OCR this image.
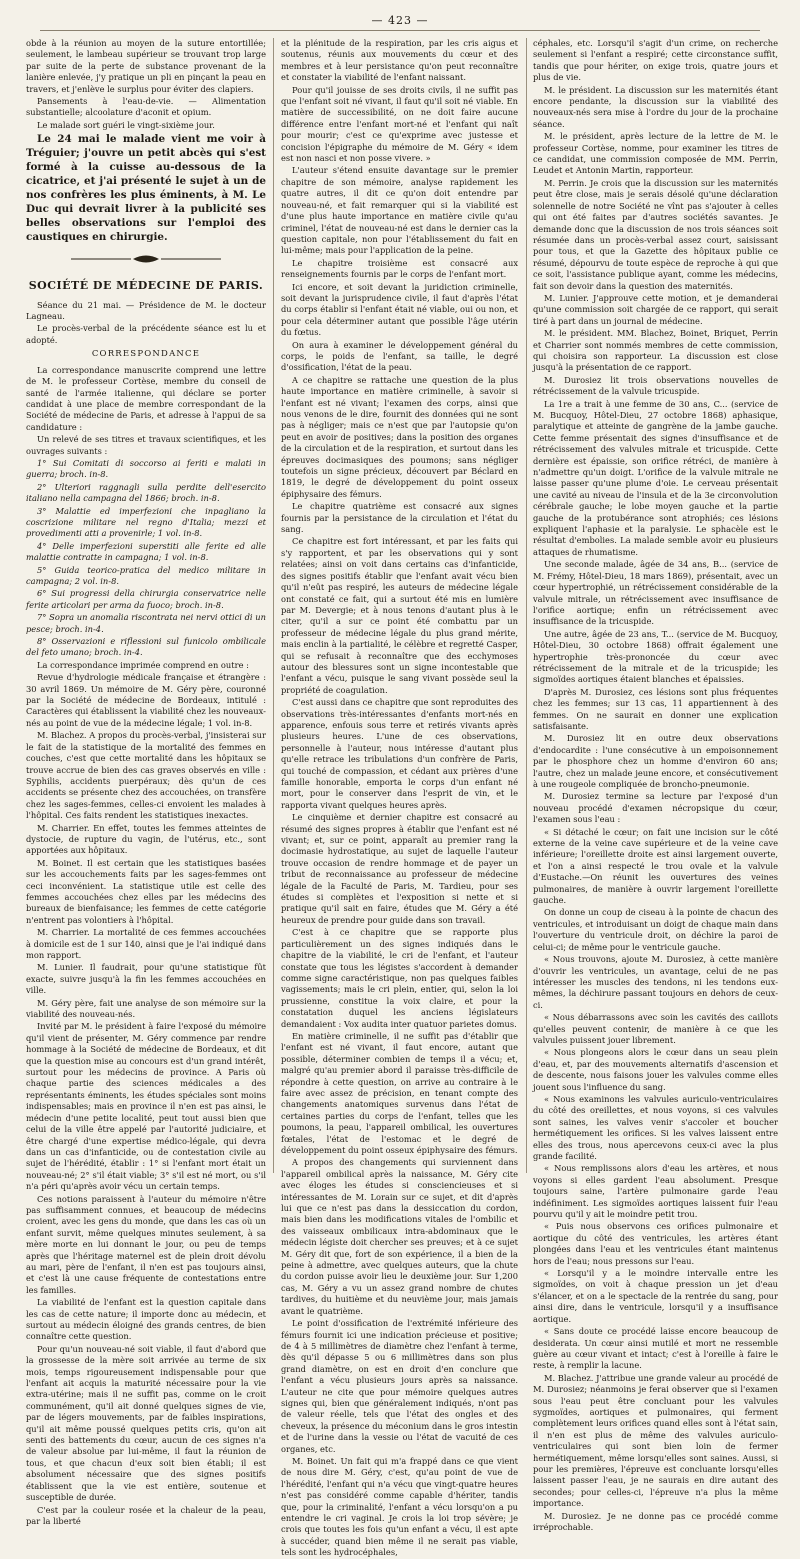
— 423 —

obde à la réunion au moyen de la suture entortillée; seulement, le lambeau supérieur se trouvant trop large par suite de la perte de substance provenant de la lanière enlevée, j'y pratique un pli en pinçant la peau en travers, et j'enlève le surplus pour éviter des clapiers.

Pansements à l'eau-de-vie. — Alimentation substantielle; alcoolature d'aconit et opium.

Le malade sort guéri le vingt-sixième jour.

Le 24 mai le malade vient me voir à Tréguier; j'ouvre un petit abcès qui s'est formé à la cuisse au-dessous de la cicatrice, et j'ai présenté le sujet à un de nos confrères les plus éminents, à M. Le Duc qui devrait livrer à la publicité ses belles observations sur l'emploi des caustiques en chirurgie.

SOCIÉTÉ DE MÉDECINE DE PARIS.

Séance du 21 mai. — Présidence de M. le docteur Lagneau.

Le procès-verbal de la précédente séance est lu et adopté.

CORRESPONDANCE

La correspondance manuscrite comprend une lettre de M. le professeur Cortèse, membre du conseil de santé de l'armée italienne, qui déclare se porter candidat à une place de membre correspondant de la Société de médecine de Paris, et adresse à l'appui de sa candidature :

Un relevé de ses titres et travaux scientifiques, et les ouvrages suivants :

1° Sui Comitati di soccorso ai feriti e malati in guerra; broch. in-8.

2° Ulteriori raggnagli sulla perdite dell'esercito italiano nella campagna del 1866; broch. in-8.

3° Malattie ed imperfezioni che inpagliano la coscrizione militare nel regno d'Italia; mezzi et provedimenti atti a provenirle; 1 vol. in-8.

4° Delle imperfezioni superstiti alle ferite ed alle malattie contratte in campagna; 1 vol. in-8.

5° Guida teorico-pratica del medico militare in campagna; 2 vol. in-8.

6° Sui progressi della chirurgia conservatrice nelle ferite articolari per arma da fuoco; broch. in-8.

7° Sopra un anomalia riscontrata nei nervi ottici di un pesce; broch. in-4.

8° Osservazioni e riflessioni sul funicolo ombilicale del feto umano; broch. in-4.

La correspondance imprimée comprend en outre :

Revue d'hydrologie médicale française et étrangère : 30 avril 1869. Un mémoire de M. Géry père, couronné par la Société de médecine de Bordeaux, intitulé : Caractères qui établissent la viabilité chez les nouveaux-nés au point de vue de la médecine légale; 1 vol. in-8.

M. Blachez. A propos du procès-verbal, j'insisterai sur le fait de la statistique de la mortalité des femmes en couches, c'est que cette mortalité dans les hôpitaux se trouve accrue de bien des cas graves observés en ville : Syphilis, accidents puerpéraux; dès qu'un de ces accidents se présente chez des accouchées, on transfère chez les sages-femmes, celles-ci envoient les malades à l'hôpital. Ces faits rendent les statistiques inexactes.

M. Charrier. En effet, toutes les femmes atteintes de dystocie, de rupture du vagin, de l'utérus, etc., sont apportées aux hôpitaux.

M. Boinet. Il est certain que les statistiques basées sur les accouchements faits par les sages-femmes ont ceci inconvénient. La statistique utile est celle des femmes accouchées chez elles par les médecins des bureaux de bienfaisance; les femmes de cette catégorie n'entrent pas volontiers à l'hôpital.

M. Charrier. La mortalité de ces femmes accouchées à domicile est de 1 sur 140, ainsi que je l'ai indiqué dans mon rapport.

M. Lunier. Il faudrait, pour qu'une statistique fût exacte, suivre jusqu'à la fin les femmes accouchées en ville.

M. Géry père, fait une analyse de son mémoire sur la viabilité des nouveau-nés.

Invité par M. le président à faire l'exposé du mémoire qu'il vient de présenter, M. Géry commence par rendre hommage à la Société de médecine de Bordeaux, et dit que la question mise au concours est d'un grand intérêt, surtout pour les médecins de province. A Paris où chaque partie des sciences médicales a des représentants éminents, les études spéciales sont moins indispensables; mais en province il n'en est pas ainsi, le médecin d'une petite localité, peut tout aussi bien que celui de la ville être appelé par l'autorité judiciaire, et être chargé d'une expertise médico-légale, qui devra dans un cas d'infanticide, ou de contestation civile au sujet de l'hérédité, établir : 1° si l'enfant mort était un nouveau-né; 2° s'il était viable; 3° s'il est né mort, ou s'il n'a péri qu'après avoir vécu un certain temps.

Ces notions paraissent à l'auteur du mémoire n'être pas suffisamment connues, et beaucoup de médecins croient, avec les gens du monde, que dans les cas où un enfant survit, même quelques minutes seulement, à sa mère morte en lui donnant le jour, ou peu de temps après que l'héritage maternel est de plein droit dévolu au mari, père de l'enfant, il n'en est pas toujours ainsi, et c'est là une cause fréquente de contestations entre les familles.

La viabilité de l'enfant est la question capitale dans les cas de cette nature; il importe donc au médecin, et surtout au médecin éloigné des grands centres, de bien connaître cette question.

Pour qu'un nouveau-né soit viable, il faut d'abord que la grossesse de la mère soit arrivée au terme de six mois, temps rigoureusement indispensable pour que l'enfant ait acquis la maturité nécessaire pour la vie extra-utérine; mais il ne suffit pas, comme on le croit communément, qu'il ait donné quelques signes de vie, par de légers mouvements, par de faibles inspirations, qu'il ait même poussé quelques petits cris, qu'on ait senti des battements du cœur, aucun de ces signes n'a de valeur absolue par lui-même, il faut la réunion de tous, et que chacun d'eux soit bien établi; il est absolument nécessaire que des signes positifs établissent que la vie est entière, soutenue et susceptible de durée.

C'est par la couleur rosée et la chaleur de la peau, par la liberté

et la plénitude de la respiration, par les cris aigus et soutenus, réunis aux mouvements du cœur et des membres et à leur persistance qu'on peut reconnaître et constater la viabilité de l'enfant naissant.

Pour qu'il jouisse de ses droits civils, il ne suffit pas que l'enfant soit né vivant, il faut qu'il soit né viable. En matière de successibilité, on ne doit faire aucune différence entre l'enfant mort-né et l'enfant qui naît pour mourir; c'est ce qu'exprime avec justesse et concision l'épigraphe du mémoire de M. Géry « idem est non nasci et non posse vivere. »

L'auteur s'étend ensuite davantage sur le premier chapitre de son mémoire, analyse rapidement les quatre autres, il dit ce qu'on doit entendre par nouveau-né, et fait remarquer qui si la viabilité est d'une plus haute importance en matière civile qu'au criminel, l'état de nouveau-né est dans le dernier cas la question capitale, non pour l'établissement du fait en lui-même; mais pour l'application de la peine.

Le chapitre troisième est consacré aux renseignements fournis par le corps de l'enfant mort.

Ici encore, et soit devant la juridiction criminelle, soit devant la jurisprudence civile, il faut d'après l'état du corps établir si l'enfant était né viable, oui ou non, et pour cela déterminer autant que possible l'âge utérin du fœtus.

On aura à examiner le développement général du corps, le poids de l'enfant, sa taille, le degré d'ossification, l'état de la peau.

A ce chapitre se rattache une question de la plus haute importance en matière criminelle, à savoir si l'enfant est né vivant; l'examen des corps, ainsi que nous venons de le dire, fournit des données qui ne sont pas à négliger; mais ce n'est que par l'autopsie qu'on peut en avoir de positives; dans la position des organes de la circulation et de la respiration, et surtout dans les épreuves docimasiques des poumons; sans négliger toutefois un signe précieux, découvert par Béclard en 1819, le degré de développement du point osseux épiphysaire des fémurs.

Le chapitre quatrième est consacré aux signes fournis par la persistance de la circulation et l'état du sang.

Ce chapitre est fort intéressant, et par les faits qui s'y rapportent, et par les observations qui y sont relatées; ainsi on voit dans certains cas d'infanticide, des signes positifs établir que l'enfant avait vécu bien qu'il n'eût pas respiré, les auteurs de médecine légale ont constaté ce fait, qui a surtout été mis en lumière par M. Devergie; et à nous tenons d'autant plus à le citer, qu'il a sur ce point été combattu par un professeur de médecine légale du plus grand mérite, mais enclin à la partialité, le célèbre et regretté Casper, qui se refusait à reconnaître que des ecchymoses autour des blessures sont un signe incontestable que l'enfant a vécu, puisque le sang vivant possède seul la propriété de coagulation.

C'est aussi dans ce chapitre que sont reproduites des observations très-intéressantes d'enfants mort-nés en apparence, enfouis sous terre et retirés vivants après plusieurs heures. L'une de ces observations, personnelle à l'auteur, nous intéresse d'autant plus qu'elle retrace les tribulations d'un confrère de Paris, qui touché de compassion, et cédant aux prières d'une famille honorable, emporta le corps d'un enfant né mort, pour le conserver dans l'esprit de vin, et le rapporta vivant quelques heures après.

Le cinquième et dernier chapitre est consacré au résumé des signes propres à établir que l'enfant est né vivant; et, sur ce point, apparaît au premier rang la docimasie hydrostatique, au sujet de laquelle l'auteur trouve occasion de rendre hommage et de payer un tribut de reconnaissance au professeur de médecine légale de la Faculté de Paris, M. Tardieu, pour ses études si complètes et l'exposition si nette et si pratique qu'il sait en faire, études que M. Géry a été heureux de prendre pour guide dans son travail.

C'est à ce chapitre que se rapporte plus particulièrement un des signes indiqués dans le chapitre de la viabilité, le cri de l'enfant, et l'auteur constate que tous les légistes s'accordent à demander comme signe caractéristique, non pas quelques faibles vagissements; mais le cri plein, entier, qui, selon la loi prussienne, constitue la voix claire, et pour la constatation duquel les anciens législateurs demandaient : Vox audita inter quatuor parietes domus.

En matière criminelle, il ne suffit pas d'établir que l'enfant est né vivant, il faut encore, autant que possible, déterminer combien de temps il a vécu; et, malgré qu'au premier abord il paraisse très-difficile de répondre à cette question, on arrive au contraire à le faire avec assez de précision, en tenant compte des changements anatomiques survenus dans l'état de certaines parties du corps de l'enfant, telles que les poumons, la peau, l'appareil ombilical, les ouvertures fœtales, l'état de l'estomac et le degré de développement du point osseux épiphysaire des fémurs.

A propos des changements qui surviennent dans l'appareil ombilical après la naissance, M. Géry cite avec éloges les études si consciencieuses et si intéressantes de M. Lorain sur ce sujet, et dit d'après lui que ce n'est pas dans la dessiccation du cordon, mais bien dans les modifications vitales de l'ombilic et des vaisseaux ombilicaux intra-abdominaux que le médecin légiste doit chercher ses preuves; et à ce sujet M. Géry dit que, fort de son expérience, il a bien de la peine à admettre, avec quelques auteurs, que la chute du cordon puisse avoir lieu le deuxième jour. Sur 1,200 cas, M. Géry a vu un assez grand nombre de chutes tardives, du huitième et du neuvième jour, mais jamais avant le quatrième.

Le point d'ossification de l'extrémité inférieure des fémurs fournit ici une indication précieuse et positive; de 4 à 5 millimètres de diamètre chez l'enfant à terme, dès qu'il dépasse 5 ou 6 millimètres dans son plus grand diamètre, on est en droit d'en conclure que l'enfant a vécu plusieurs jours après sa naissance. L'auteur ne cite que pour mémoire quelques autres signes qui, bien que généralement indiqués, n'ont pas de valeur réelle, tels que l'état des ongles et des cheveux, la présence du méconium dans le gros intestin et de l'urine dans la vessie ou l'état de vacuité de ces organes, etc.

M. Boinet. Un fait qui m'a frappé dans ce que vient de nous dire M. Géry, c'est, qu'au point de vue de l'hérédité, l'enfant qui n'a vécu que vingt-quatre heures n'est pas considéré comme capable d'hériter, tandis que, pour la criminalité, l'enfant a vécu lorsqu'on a pu entendre le cri vaginal. Je crois la loi trop sévère; je crois que toutes les fois qu'un enfant a vécu, il est apte à succéder, quand bien même il ne serait pas viable, tels sont les hydrocéphales,

céphales, etc. Lorsqu'il s'agit d'un crime, on recherche seulement si l'enfant a respiré; cette circonstance suffit, tandis que pour hériter, on exige trois, quatre jours et plus de vie.

M. le président. La discussion sur les maternités étant encore pendante, la discussion sur la viabilité des nouveaux-nés sera mise à l'ordre du jour de la prochaine séance.

M. le président, après lecture de la lettre de M. le professeur Cortèse, nomme, pour examiner les titres de ce candidat, une commission composée de MM. Perrin, Leudet et Antonin Martin, rapporteur.

M. Perrin. Je crois que la discussion sur les maternités peut être close, mais je serais désolé qu'une déclaration solennelle de notre Société ne vînt pas s'ajouter à celles qui ont été faites par d'autres sociétés savantes. Je demande donc que la discussion de nos trois séances soit résumée dans un procès-verbal assez court, saisissant pour tous, et que la Gazette des hôpitaux publie ce résumé, dépourvu de toute espèce de reproche à qui que ce soit, l'assistance publique ayant, comme les médecins, fait son devoir dans la question des maternités.

M. Lunier. J'approuve cette motion, et je demanderai qu'une commission soit chargée de ce rapport, qui serait tiré à part dans un journal de médecine.

M. le président. MM. Blachez, Boinet, Briquet, Perrin et Charrier sont nommés membres de cette commission, qui choisira son rapporteur. La discussion est close jusqu'à la présentation de ce rapport.

M. Durosiez lit trois observations nouvelles de rétrécissement de la valvule tricuspide.

La 1re a trait à une femme de 30 ans, C... (service de M. Bucquoy, Hôtel-Dieu, 27 octobre 1868) aphasique, paralytique et atteinte de gangrène de la jambe gauche. Cette femme présentait des signes d'insuffisance et de rétrécissement des valvules mitrale et tricuspide. Cette dernière est épaissie, son orifice rétréci, de manière à n'admettre qu'un doigt. L'orifice de la valvule mitrale ne laisse passer qu'une plume d'oie. Le cerveau présentait une cavité au niveau de l'insula et de la 3e circonvolution cérébrale gauche; le lobe moyen gauche et la partie gauche de la protubérance sont atrophiés; ces lésions expliquent l'aphasie et la paralysie. Le sphacèle est le résultat d'embolies. La malade semble avoir eu plusieurs attaques de rhumatisme.

Une seconde malade, âgée de 34 ans, B... (service de M. Frémy, Hôtel-Dieu, 18 mars 1869), présentait, avec un cœur hypertrophié, un rétrécissement considérable de la valvule mitrale, un rétrécissement avec insuffisance de l'orifice aortique; enfin un rétrécissement avec insuffisance de la tricuspide.

Une autre, âgée de 23 ans, T... (service de M. Bucquoy, Hôtel-Dieu, 30 octobre 1868) offrait également une hypertrophie très-prononcée du cœur avec rétrécissement de la mitrale et de la tricuspide; les sigmoïdes aortiques étaient blanches et épaissies.

D'après M. Durosiez, ces lésions sont plus fréquentes chez les femmes; sur 13 cas, 11 appartiennent à des femmes. On ne saurait en donner une explication satisfaisante.

M. Durosiez lit en outre deux observations d'endocardite : l'une consécutive à un empoisonnement par le phosphore chez un homme d'environ 60 ans; l'autre, chez un malade jeune encore, et consécutivement à une rougeole compliquée de broncho-pneumonie.

M. Durosiez termine sa lecture par l'exposé d'un nouveau procédé d'examen nécropsique du cœur, l'examen sous l'eau :

« Si détaché le cœur; on fait une incision sur le côté externe de la veine cave supérieure et de la veine cave inférieure; l'oreillette droite est ainsi largement ouverte, et l'on a ainsi respecté le trou ovale et la valvule d'Eustache.—On réunit les ouvertures des veines pulmonaires, de manière à ouvrir largement l'oreillette gauche.

On donne un coup de ciseau à la pointe de chacun des ventricules, et introduisant un doigt de chaque main dans l'ouverture du ventricule droit, on déchire la paroi de celui-ci; de même pour le ventricule gauche.

« Nous trouvons, ajoute M. Durosiez, à cette manière d'ouvrir les ventricules, un avantage, celui de ne pas intéresser les muscles des tendons, ni les tendons eux-mêmes, la déchirure passant toujours en dehors de ceux-ci.

« Nous débarrassons avec soin les cavités des caillots qu'elles peuvent contenir, de manière à ce que les valvules puissent jouer librement.

« Nous plongeons alors le cœur dans un seau plein d'eau, et, par des mouvements alternatifs d'ascension et de descente, nous faisons jouer les valvules comme elles jouent sous l'influence du sang.

« Nous examinons les valvules auriculo-ventriculaires du côté des oreillettes, et nous voyons, si ces valvules sont saines, les valves venir s'accoler et boucher hermétiquement les orifices. Si les valves laissent entre elles des trous, nous apercevons ceux-ci avec la plus grande facilité.

« Nous remplissons alors d'eau les artères, et nous voyons si elles gardent l'eau absolument. Presque toujours saine, l'artère pulmonaire garde l'eau indéfiniment. Les sigmoïdes aortiques laissent fuir l'eau pourvu qu'il y ait le moindre petit trou.

« Puis nous observons ces orifices pulmonaire et aortique du côté des ventricules, les artères étant plongées dans l'eau et les ventricules étant maintenus hors de l'eau; nous pressons sur l'eau.

« Lorsqu'il y a le moindre intervalle entre les sigmoïdes, on voit à chaque pression un jet d'eau s'élancer, et on a le spectacle de la rentrée du sang, pour ainsi dire, dans le ventricule, lorsqu'il y a insuffisance aortique.

« Sans doute ce procédé laisse encore beaucoup de desiderata. Un cœur ainsi mutilé et mort ne ressemble guère au cœur vivant et intact; c'est à l'oreille à faire le reste, à remplir la lacune.

M. Blachez. J'attribue une grande valeur au procédé de M. Durosiez; néanmoins je ferai observer que si l'examen sous l'eau peut être concluant pour les valvules sygmoïdes, aortiques et pulmonaires, qui ferment complètement leurs orifices quand elles sont à l'état sain, il n'en est plus de même des valvules auriculo-ventriculaires qui sont bien loin de fermer hermétiquement, même lorsqu'elles sont saines. Aussi, si pour les premières, l'épreuve est concluante lorsqu'elles laissent passer l'eau, je ne saurais en dire autant des secondes; pour celles-ci, l'épreuve n'a plus la même importance.

M. Durosiez. Je ne donne pas ce procédé comme irréprochable.
